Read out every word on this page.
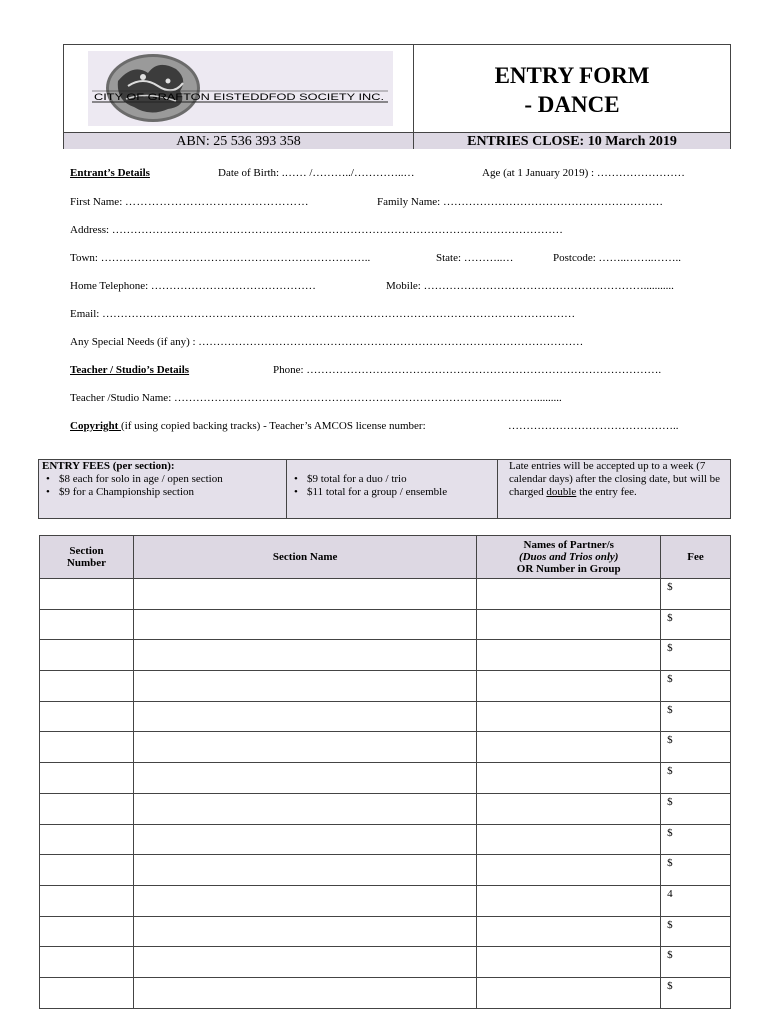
CITY OF GRAFTON EISTEDDFOD SOCIETY INC.
ENTRY FORM
- DANCE
ABN: 25 536 393 358	ENTRIES CLOSE: 10 March 2019
Entrant’s Details	Date of Birth: .…… /………../…………..…	Age (at 1 January 2019) : ……………………
First Name: …………………………………………	Family Name: ……………………………………………………
Address: ……………………………………………………………………………………………………………
Town: ………………………………………………………………..	State: ………..…	Postcode: ……..……..……..
Home Telephone: ………………………………………	Mobile: ……………………………………………………...........
Email: …………………………………………………………………………………………………………………
Any Special Needs (if any) : ……………………………………………………………………………………………
Teacher / Studio’s Details	Phone: …………………………………………………………………………………….
Teacher /Studio Name: ……………………………………………………………………………………….........
Copyright (if using copied backing tracks) - Teacher’s AMCOS license number:	………………………………………..
ENTRY FEES (per section):
• $8 each for solo in age / open section
• $9 for a Championship section
• $9 total for a duo / trio
• $11 total for a group / ensemble
Late entries will be accepted up to a week (7 calendar days) after the closing date, but will be charged double the entry fee.
Section Number	Section Name	Names of Partner/s
(Duos and Trios only)
OR Number in Group	Fee
			$
			$
			$
			$
			$
			$
			$
			$
			$
			$
			4
			$
			$
			$
